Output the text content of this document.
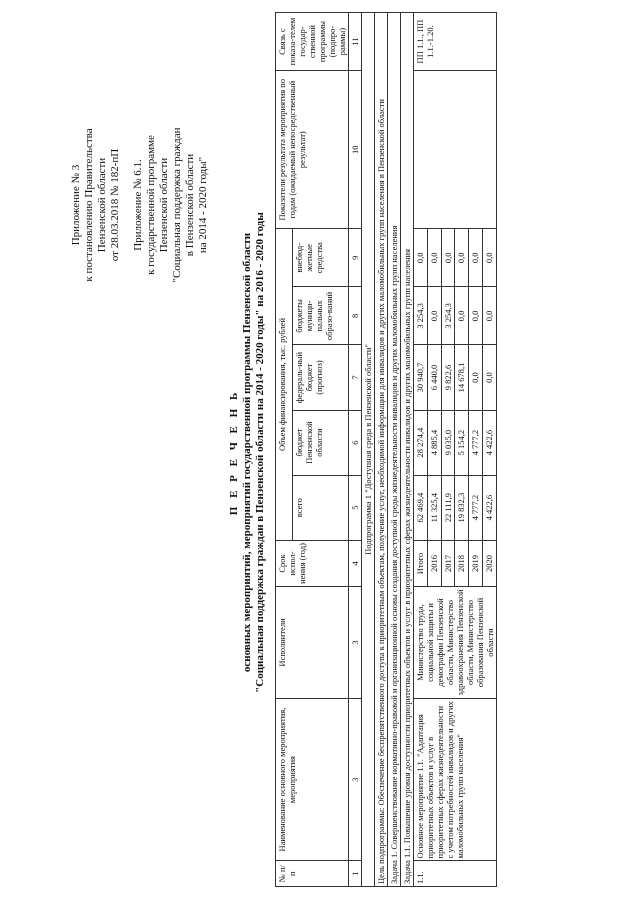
Приложение № 3 к постановлению Правительства Пензенской области от 28.03.2018 № 182-пП Приложение № 6.1. к государственной программе Пензенской области "Социальная поддержка граждан в Пензенской области на 2014 - 2020 годы"
П Е Р Е Ч Е Н Ь основных мероприятий, мероприятий государственной программы Пензенской области "Социальная поддержка граждан в Пензенской области на 2014 - 2020 годы" на 2016 - 2020 годы
№ п/п	Наименование основного мероприятия, мероприятия	Исполнители	Срок испол-нения (год)	Объем финансирования, тыс. рублей					Показатели результата мероприятия по годам (ожидаемый непосредственный результат)	Связь с показа-телем государ-ственной программы (подпро-раммы)
				всего	бюджет Пензенской области	федераль-ный бюджет (прогноз)	бюджеты муници-пальных образо-ваний	внебюд-жетные средства		
1	3	3	4	5	6	7	8	9	10	11
Подпрограмма 1 "Доступная среда в Пензенской области"										
Цель подпрограммы: Обеспечение беспрепятственного доступа к приоритетным объектам, получение услуг, необходимой информации для инвалидов и других маломобильных групп населения в Пензенской области										
Задача 1. Совершенствование нормативно-правовой и организационной основы создания доступной среды жизнедеятельности инвалидов и других маломобильных групп населения										
Задача 1.1. Повышение уровня доступности приоритетных объектов и услуг в приоритетных сферах жизнедеятельности инвалидов и других маломобильных групп населения										
1.1.	Основное мероприятие 1.1. "Адаптация приоритетных объектов и услуг в приоритетных сферах жизнедеятельности с учетом потребностей инвалидов и других маломобильных групп населения"	Министерство труда, социальной защиты и демографии Пензенской области, Министерство здравоохранения Пензенской области, Министерство образования Пензенской области	Итого	62 469,4	28 274,4	30 940,7	3 254,3	0,0		ПП 1.1., ПП 1.1.-1.20.
			2016	11 325,4	4 885,4	6 440,0	0,0	0,0		
			2017	22 111,9	9 035,0	9 822,6	3 254,3	0,0		
			2018	19 832,3	5 154,2	14 678,1	0,0	0,0		
			2019	4 777,2	4 777,2	0,0	0,0	0,0		
			2020	4 422,6	4 422,6	0,0	0,0	0,0		
